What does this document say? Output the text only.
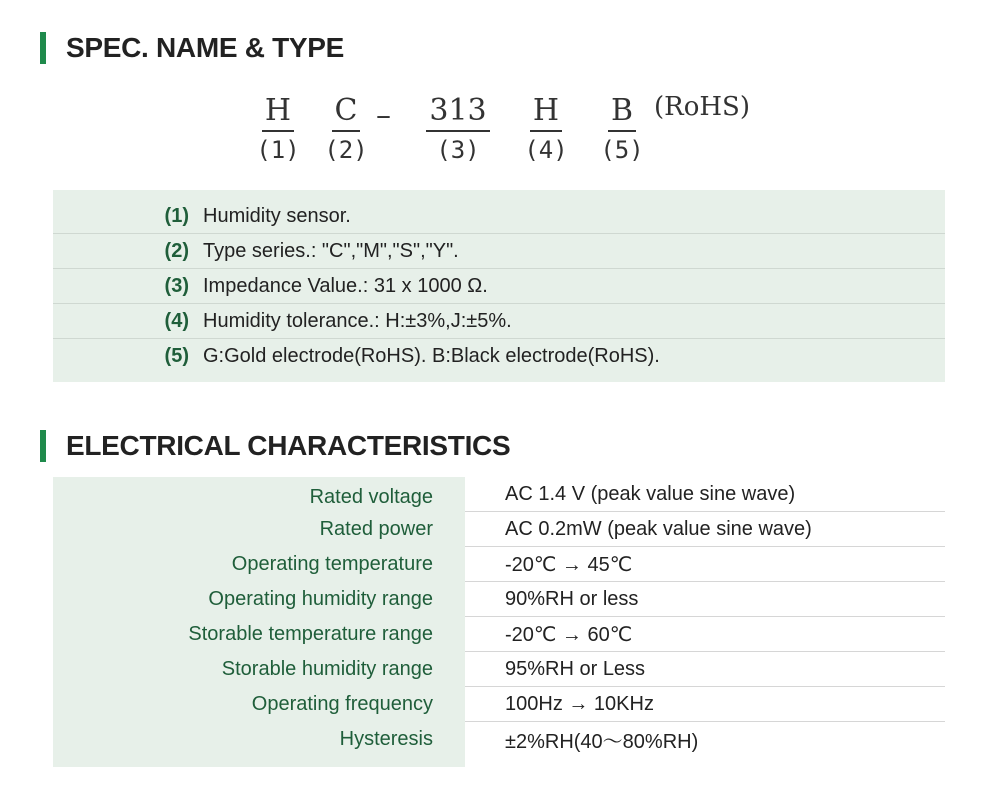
SPEC. NAME & TYPE
H
(1)
C
(2)
–	313
(3)
H
(4)
B
(5)
(RoHS)
(1) Humidity sensor.
(2) Type series.: "C","M","S","Y".
(3) Impedance Value.: 31 x 1000 Ω.
(4) Humidity tolerance.: H:±3%,J:±5%.
(5) G:Gold electrode(RoHS). B:Black electrode(RoHS).
ELECTRICAL CHARACTERISTICS
Rated voltage	AC 1.4 V (peak value sine wave)
Rated power	AC 0.2mW (peak value sine wave)
Operating temperature	-20℃ → 45℃
Operating humidity range	90%RH or less
Storable temperature range	-20℃ → 60℃
Storable humidity range	95%RH or Less
Operating frequency	100Hz → 10KHz
Hysteresis	±2%RH(40～80%RH)
